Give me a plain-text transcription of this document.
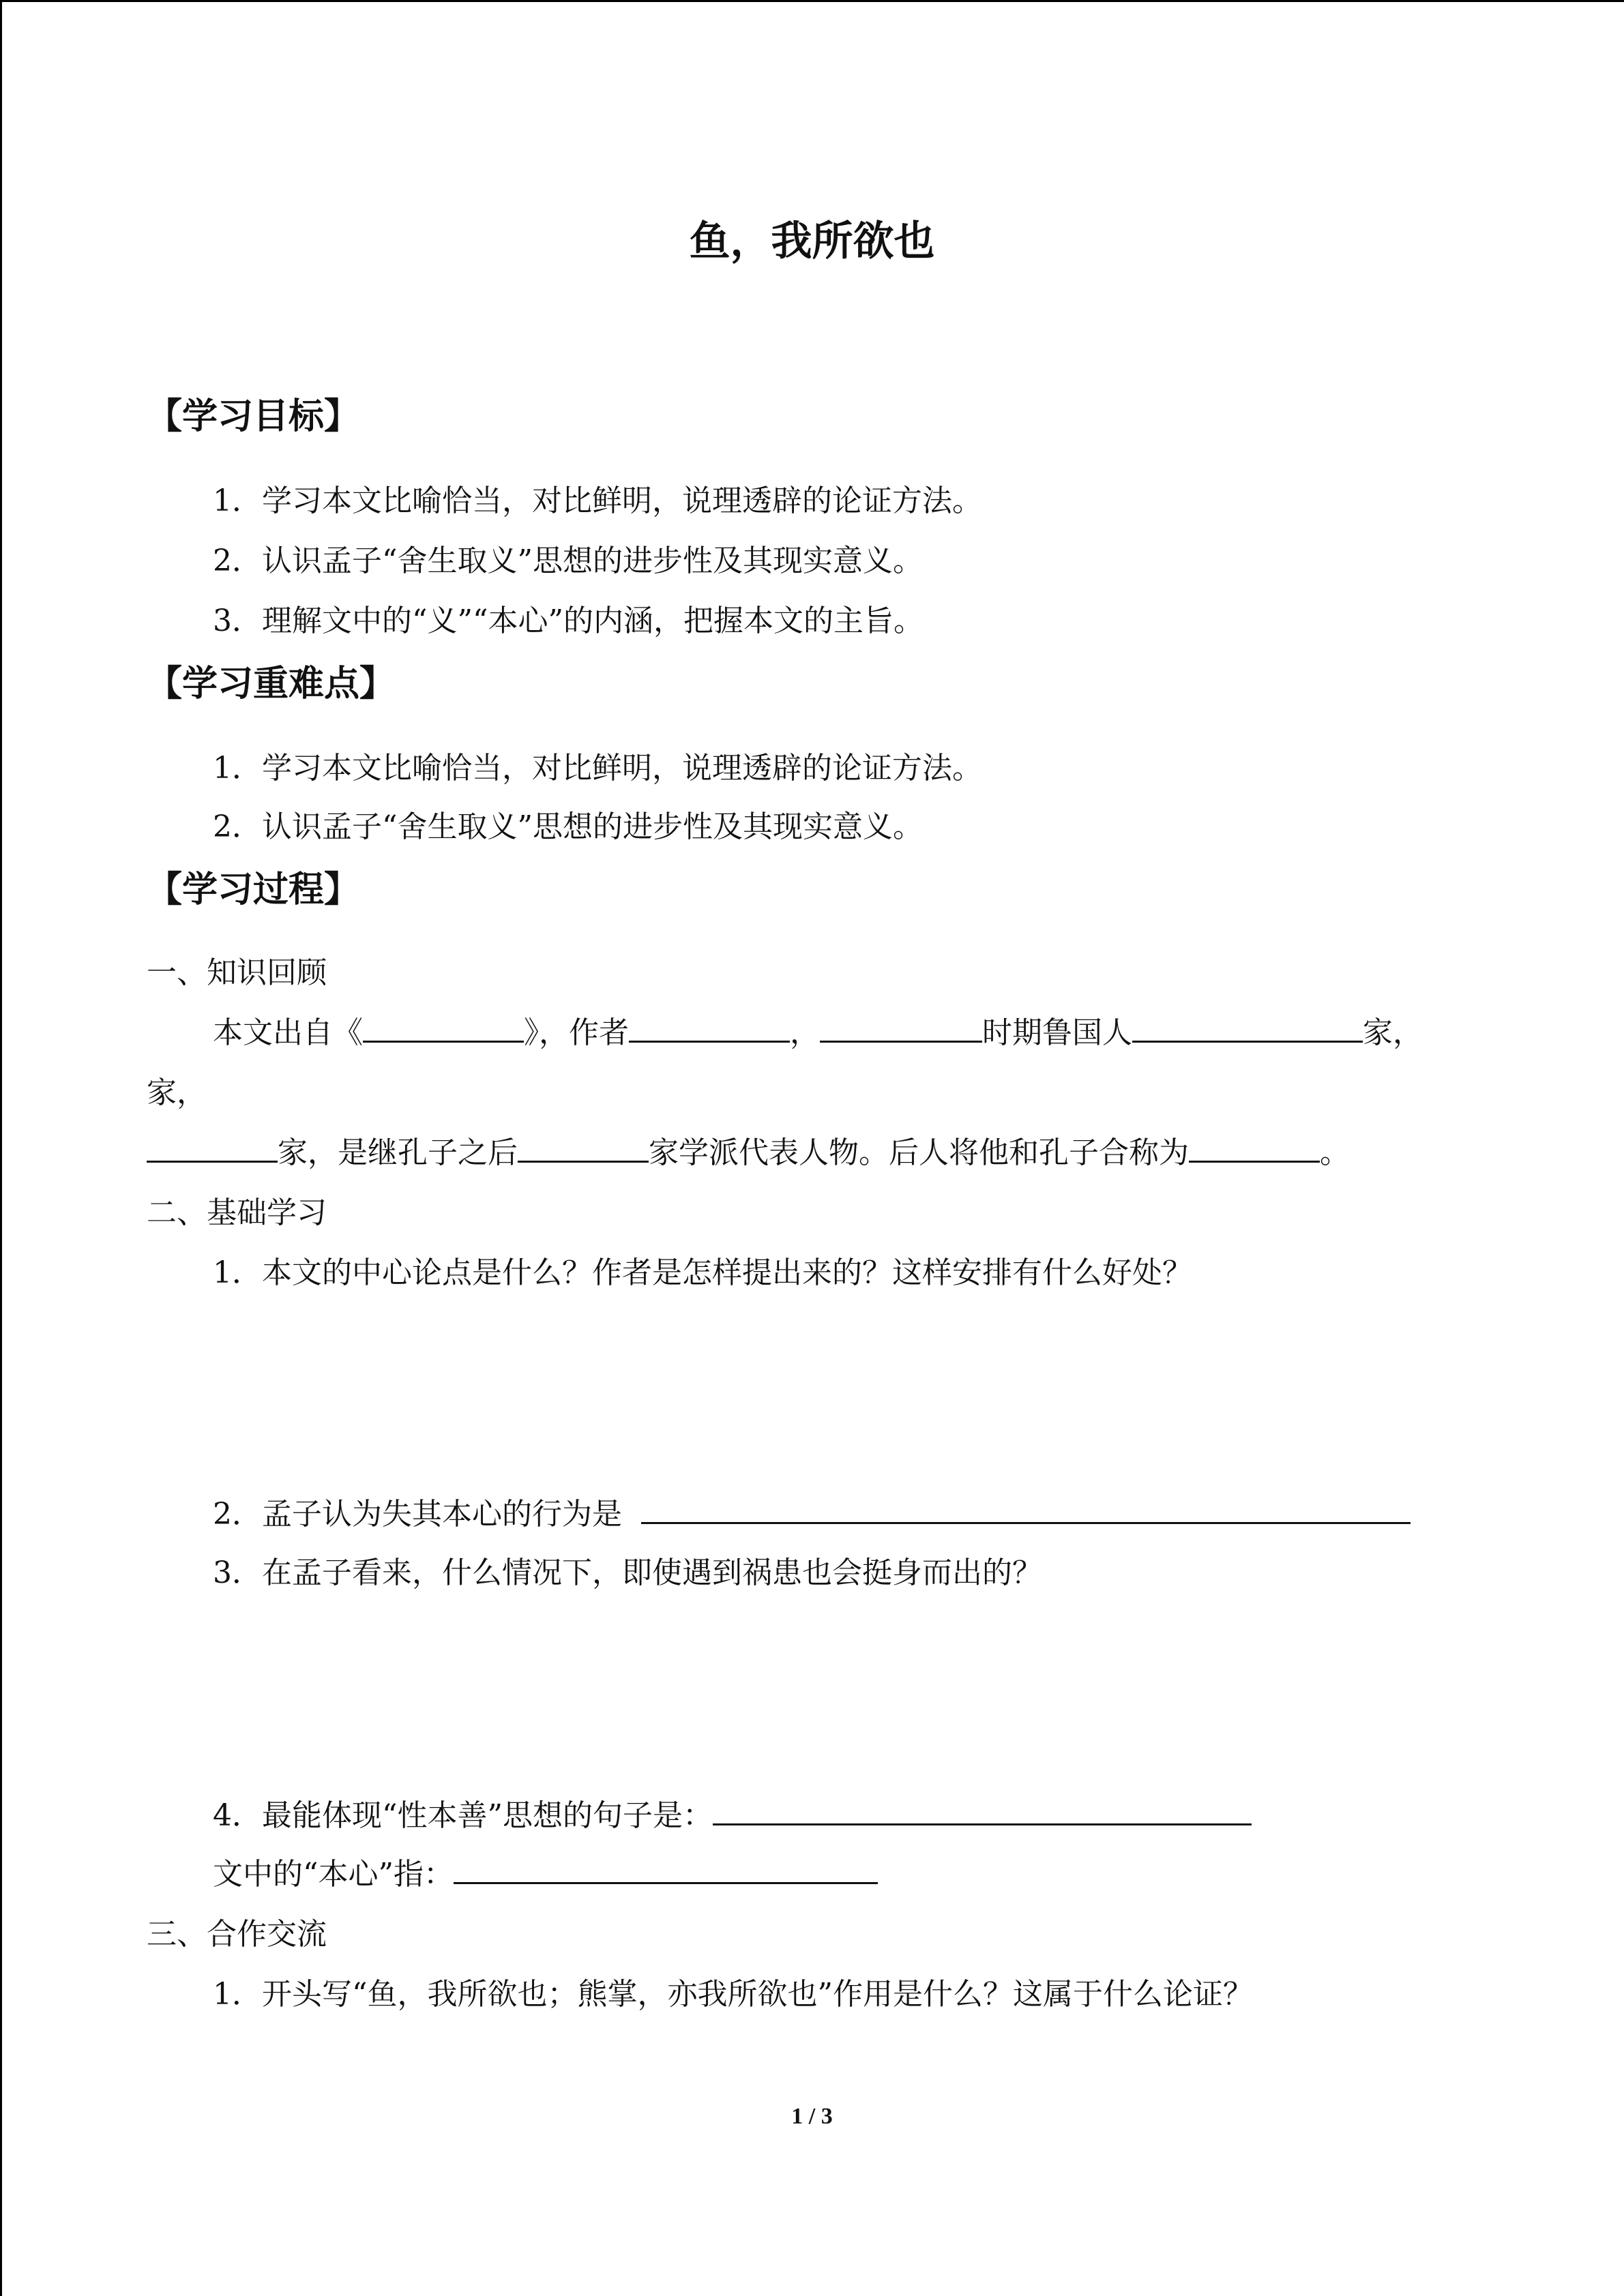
鱼，我所欲也
【学习目标】
1．学习本文比喻恰当，对比鲜明，说理透辟的论证方法。
2．认识孟子“舍生取义”思想的进步性及其现实意义。
3．理解文中的“义”“本心”的内涵，把握本文的主旨。
【学习重难点】
1．学习本文比喻恰当，对比鲜明，说理透辟的论证方法。
2．认识孟子“舍生取义”思想的进步性及其现实意义。
【学习过程】
一、知识回顾
本文出自《	》，作者	，	时期鲁国人	家，
家，
家，是继孔子之后	家学派代表人物。后人将他和孔子合称为	。
二、基础学习
1．本文的中心论点是什么？作者是怎样提出来的？这样安排有什么好处？
2．孟子认为失其本心的行为是
3．在孟子看来，什么情况下，即使遇到祸患也会挺身而出的？
4．最能体现“性本善”思想的句子是：
文中的“本心”指：
三、合作交流
1．开头写“鱼，我所欲也；熊掌，亦我所欲也”作用是什么？这属于什么论证？
1 / 3
